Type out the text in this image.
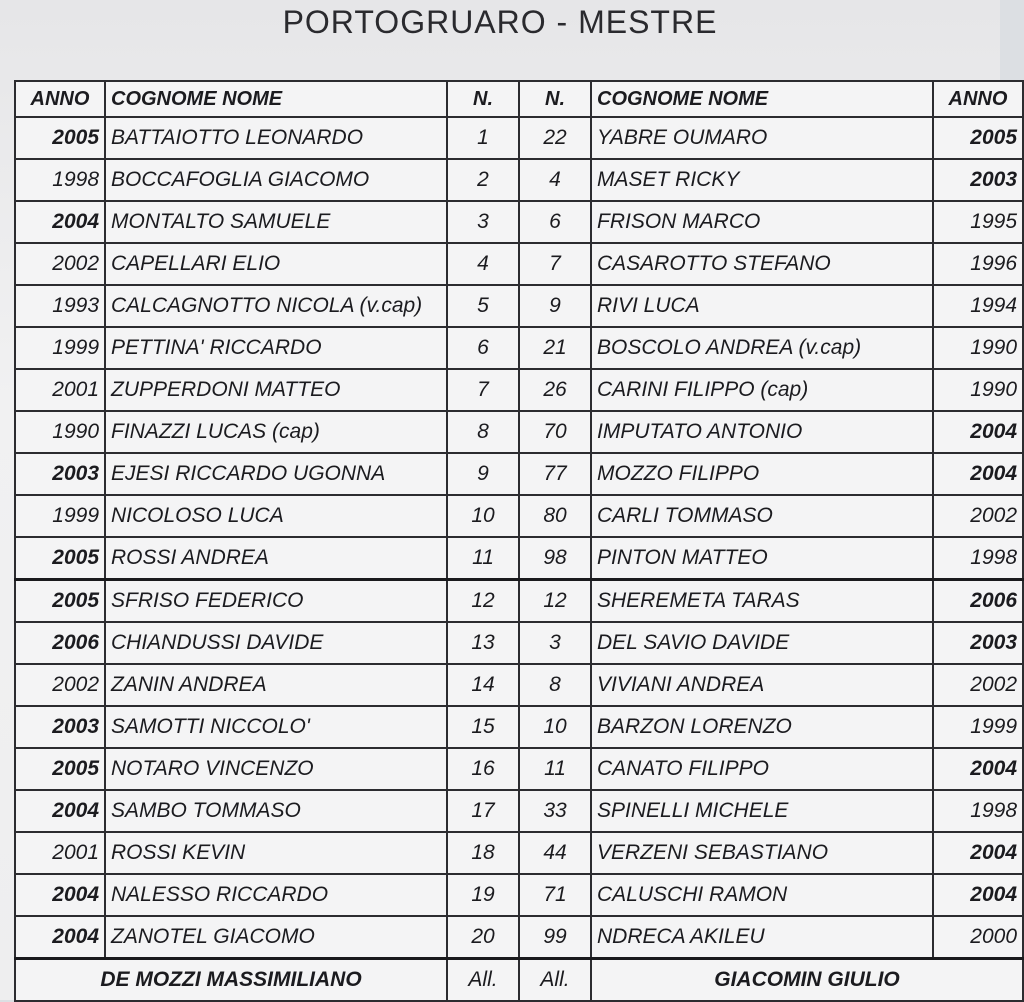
PORTOGRUARO - MESTRE
ANNO	COGNOME NOME	N.	N.	COGNOME NOME	ANNO
2005	BATTAIOTTO LEONARDO	1	22	YABRE OUMARO	2005
1998	BOCCAFOGLIA GIACOMO	2	4	MASET RICKY	2003
2004	MONTALTO SAMUELE	3	6	FRISON MARCO	1995
2002	CAPELLARI ELIO	4	7	CASAROTTO STEFANO	1996
1993	CALCAGNOTTO NICOLA (v.cap)	5	9	RIVI LUCA	1994
1999	PETTINA' RICCARDO	6	21	BOSCOLO ANDREA (v.cap)	1990
2001	ZUPPERDONI MATTEO	7	26	CARINI FILIPPO (cap)	1990
1990	FINAZZI LUCAS (cap)	8	70	IMPUTATO ANTONIO	2004
2003	EJESI RICCARDO UGONNA	9	77	MOZZO FILIPPO	2004
1999	NICOLOSO LUCA	10	80	CARLI TOMMASO	2002
2005	ROSSI ANDREA	11	98	PINTON MATTEO	1998
2005	SFRISO FEDERICO	12	12	SHEREMETA TARAS	2006
2006	CHIANDUSSI DAVIDE	13	3	DEL SAVIO DAVIDE	2003
2002	ZANIN ANDREA	14	8	VIVIANI ANDREA	2002
2003	SAMOTTI NICCOLO'	15	10	BARZON LORENZO	1999
2005	NOTARO VINCENZO	16	11	CANATO FILIPPO	2004
2004	SAMBO TOMMASO	17	33	SPINELLI MICHELE	1998
2001	ROSSI KEVIN	18	44	VERZENI SEBASTIANO	2004
2004	NALESSO RICCARDO	19	71	CALUSCHI RAMON	2004
2004	ZANOTEL GIACOMO	20	99	NDRECA AKILEU	2000
DE MOZZI MASSIMILIANO		All.	All.	GIACOMIN GIULIO	
